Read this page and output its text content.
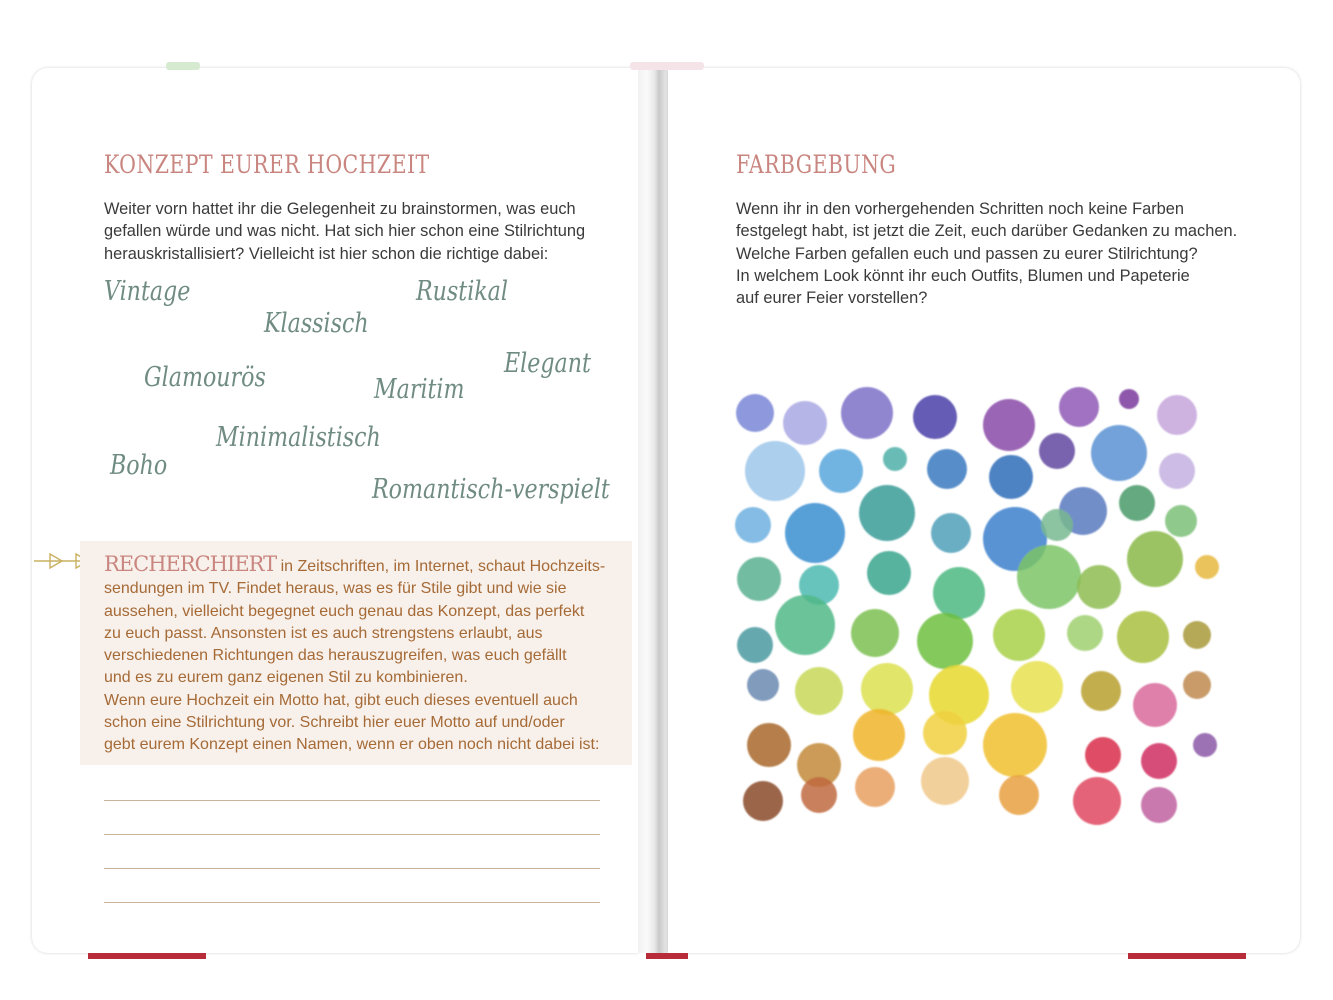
KONZEPT EURER HOCHZEIT

Weiter vorn hattet ihr die Gelegenheit zu brainstormen, was euch
gefallen würde und was nicht. Hat sich hier schon eine Stilrichtung
herauskristallisiert? Vielleicht ist hier schon die richtige dabei:

Vintage
Klassisch
Rustikal
Glamourös	Maritim
Elegant
Minimalistisch
Boho
Romantisch-verspielt

RECHERCHIERT in Zeitschriften, im Internet, schaut Hochzeits-
sendungen im TV. Findet heraus, was es für Stile gibt und wie sie
aussehen, vielleicht begegnet euch genau das Konzept, das perfekt
zu euch passt. Ansonsten ist es auch strengstens erlaubt, aus
verschiedenen Richtungen das herauszugreifen, was euch gefällt
und es zu eurem ganz eigenen Stil zu kombinieren.
Wenn eure Hochzeit ein Motto hat, gibt euch dieses eventuell auch
schon eine Stilrichtung vor. Schreibt hier euer Motto auf und/oder
gebt eurem Konzept einen Namen, wenn er oben noch nicht dabei ist:

FARBGEBUNG

Wenn ihr in den vorhergehenden Schritten noch keine Farben
festgelegt habt, ist jetzt die Zeit, euch darüber Gedanken zu machen.
Welche Farben gefallen euch und passen zu eurer Stilrichtung?
In welchem Look könnt ihr euch Outfits, Blumen und Papeterie
auf eurer Feier vorstellen?
